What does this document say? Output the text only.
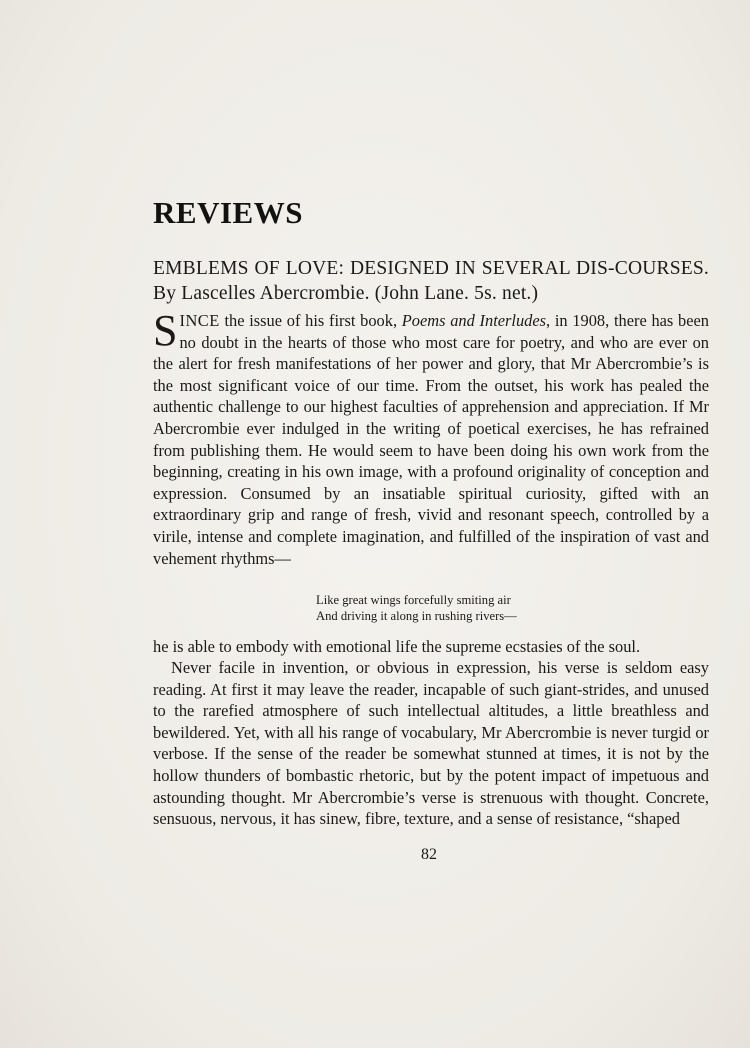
REVIEWS
EMBLEMS OF LOVE: DESIGNED IN SEVERAL DIS-COURSES. By Lascelles Abercrombie. (John Lane. 5s. net.)

SINCE the issue of his first book, Poems and Interludes, in 1908, there has been no doubt in the hearts of those who most care for poetry, and who are ever on the alert for fresh manifestations of her power and glory, that Mr Abercrombie’s is the most significant voice of our time. From the outset, his work has pealed the authentic challenge to our highest faculties of apprehension and appreciation. If Mr Abercrombie ever indulged in the writing of poetical exercises, he has refrained from publishing them. He would seem to have been doing his own work from the beginning, creating in his own image, with a profound originality of conception and expression. Consumed by an insatiable spiritual curiosity, gifted with an extraordinary grip and range of fresh, vivid and resonant speech, controlled by a virile, intense and complete imagination, and fulfilled of the inspiration of vast and vehement rhythms—

Like great wings forcefully smiting air
And driving it along in rushing rivers—

he is able to embody with emotional life the supreme ecstasies of the soul.

Never facile in invention, or obvious in expression, his verse is seldom easy reading. At first it may leave the reader, incapable of such giant-strides, and unused to the rarefied atmosphere of such intellectual altitudes, a little breathless and bewildered. Yet, with all his range of vocabulary, Mr Abercrombie is never turgid or verbose. If the sense of the reader be somewhat stunned at times, it is not by the hollow thunders of bombastic rhetoric, but by the potent impact of impetuous and astounding thought. Mr Abercrombie’s verse is strenuous with thought. Concrete, sensuous, nervous, it has sinew, fibre, texture, and a sense of resistance, “shaped

82
